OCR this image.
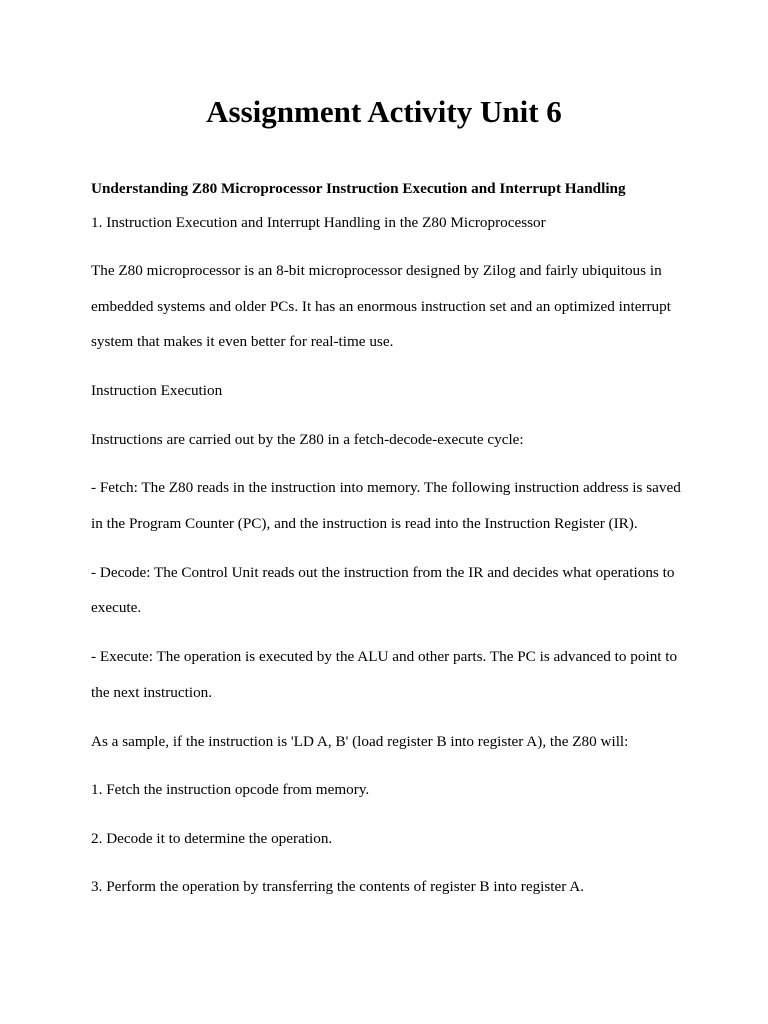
Assignment Activity Unit 6

Understanding Z80 Microprocessor Instruction Execution and Interrupt Handling

1. Instruction Execution and Interrupt Handling in the Z80 Microprocessor

The Z80 microprocessor is an 8-bit microprocessor designed by Zilog and fairly ubiquitous in

embedded systems and older PCs. It has an enormous instruction set and an optimized interrupt

system that makes it even better for real-time use.

Instruction Execution

Instructions are carried out by the Z80 in a fetch-decode-execute cycle:

- Fetch: The Z80 reads in the instruction into memory. The following instruction address is saved

in the Program Counter (PC), and the instruction is read into the Instruction Register (IR).

- Decode: The Control Unit reads out the instruction from the IR and decides what operations to

execute.

- Execute: The operation is executed by the ALU and other parts. The PC is advanced to point to

the next instruction.

As a sample, if the instruction is 'LD A, B' (load register B into register A), the Z80 will:

1. Fetch the instruction opcode from memory.

2. Decode it to determine the operation.

3. Perform the operation by transferring the contents of register B into register A.
